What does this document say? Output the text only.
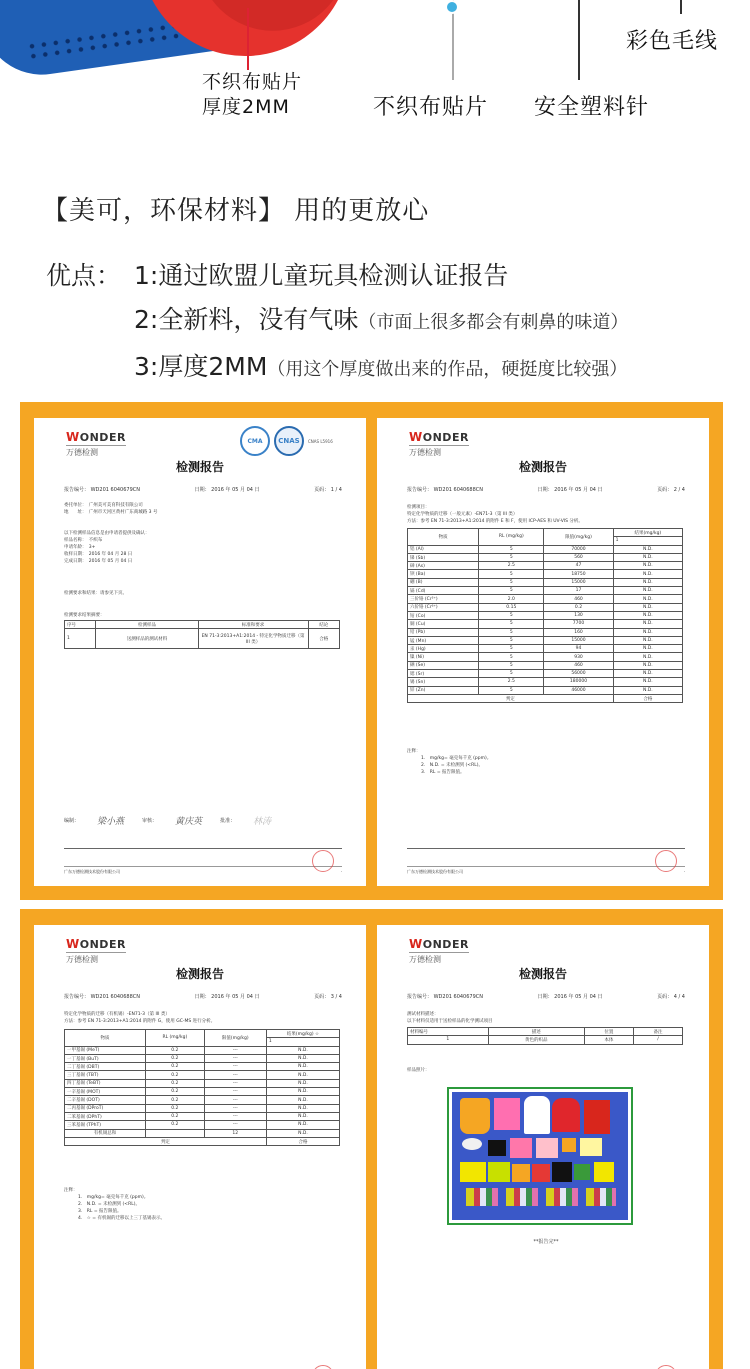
不织布贴片
厚度2MM	不织布贴片 安全塑料针
彩色毛线
【美可，环保材料】 用的更放心
优点： 1:通过欧盟儿童玩具检测认证报告
2:全新料，没有气味（市面上很多都会有刺鼻的味道）
3:厚度2MM（用这个厚度做出来的作品，硬挺度比较强）
WONDER
万德检测
CMA	CNAS	CNAS L5916
检测报告
报告编号： WD201 6040679CN	日期： 2016 年 05 月 04 日	页码： 1 / 4
委托单位：　广州美可美育科技有限公司
地　　址：　广州市天河区黄村广东商城路 3 号
以下检测样品信息是由申请者提供及确认：
样品名称：　不织布
申请年龄：　3+
收样日期：　2016 年 04 月 28 日
完成日期：　2016 年 05 月 04 日
检测要求和结果：请参见下页。
检测要求结果摘要：
序号	检测样品	标准和要求	结论
1	送测样品的测试材料	EN 71-3:2013+A1:2014 - 特定化学物质迁移（第 III 类）	合格
编制： 梁小燕	审核： 黄庆英	批准： 林涛
广东万德检测技术股份有限公司	·
WONDER
万德检测
检测报告
报告编号： WD201 6040688CN	日期： 2016 年 05 月 04 日	页码： 2 / 4
检测项目：
特定化学物质的迁移（一般元素）-EN71-3（第 III 类）
方法：参考 EN 71-3:2013+A1:2014 的附件 E 和 F，使用 ICP-AES 和 UV-VIS 分析。
物质	RL (mg/kg)	限值(mg/kg)	结果(mg/kg)
			1
铝 (Al)	5	70000	N.D.
锑 (Sb)	5	560	N.D.
砷 (As)	2.5	47	N.D.
钡 (Ba)	5	18750	N.D.
硼 (B)	5	15000	N.D.
镉 (Cd)	5	17	N.D.
三价铬 (Cr³⁺)	2.0	460	N.D.
六价铬 (Cr⁶⁺)	0.15	0.2	N.D.
钴 (Co)	5	130	N.D.
铜 (Cu)	5	7700	N.D.
铅 (Pb)	5	160	N.D.
锰 (Mn)	5	15000	N.D.
汞 (Hg)	5	94	N.D.
镍 (Ni)	5	930	N.D.
硒 (Se)	5	460	N.D.
锶 (Sr)	5	56000	N.D.
锡 (Sn)	2.5	180000	N.D.
锌 (Zn)	5	46000	N.D.
判定			合格
注释：
1.　mg/kg= 毫克每千克 (ppm)。
2.　N.D. = 未检测到 (<RL)。
3.　RL = 报告限值。
广东万德检测技术股份有限公司	·
WONDER
万德检测
检测报告
报告编号： WD201 6040688CN	日期： 2016 年 05 月 04 日	页码： 3 / 4
特定化学物质的迁移（有机锡）-EN71-3（第 III 类）
方法：参考 EN 71-3:2013+A1:2014 的附件 G，使用 GC-MS 进行分析。
物质	RL (mg/kg)	限值(mg/kg)	结果(mg/kg) ☆
			1
一甲基锡 (MeT)	0.2	---	N.D.
一丁基锡 (BuT)	0.2	---	N.D.
二丁基锡 (DBT)	0.2	---	N.D.
三丁基锡 (TBT)	0.2	---	N.D.
四丁基锡 (TeBT)	0.2	---	N.D.
一辛基锡 (MOT)	0.2	---	N.D.
二辛基锡 (DOT)	0.2	---	N.D.
二丙基锡 (DProT)	0.2	---	N.D.
二苯基锡 (DPhT)	0.2	---	N.D.
三苯基锡 (TPhT)	0.2	---	N.D.
有机锡总和		12	N.D.
判定			合格
注释：
1.　mg/kg= 毫克每千克 (ppm)。
2.　N.D. = 未检测到 (<RL)。
3.　RL = 报告限值。
4.　☆ = 有机锡的迁移以上三丁基锡表示。
WONDER
万德检测
检测报告
报告编号： WD201 6040679CN	日期： 2016 年 05 月 04 日	页码： 4 / 4
测试材料描述：
以下材料仅适用于送检样品的化学测试项目
材料编号	描述	位置	备注
1	黄色的织品	本体	/
样品照片：
**报告完**
